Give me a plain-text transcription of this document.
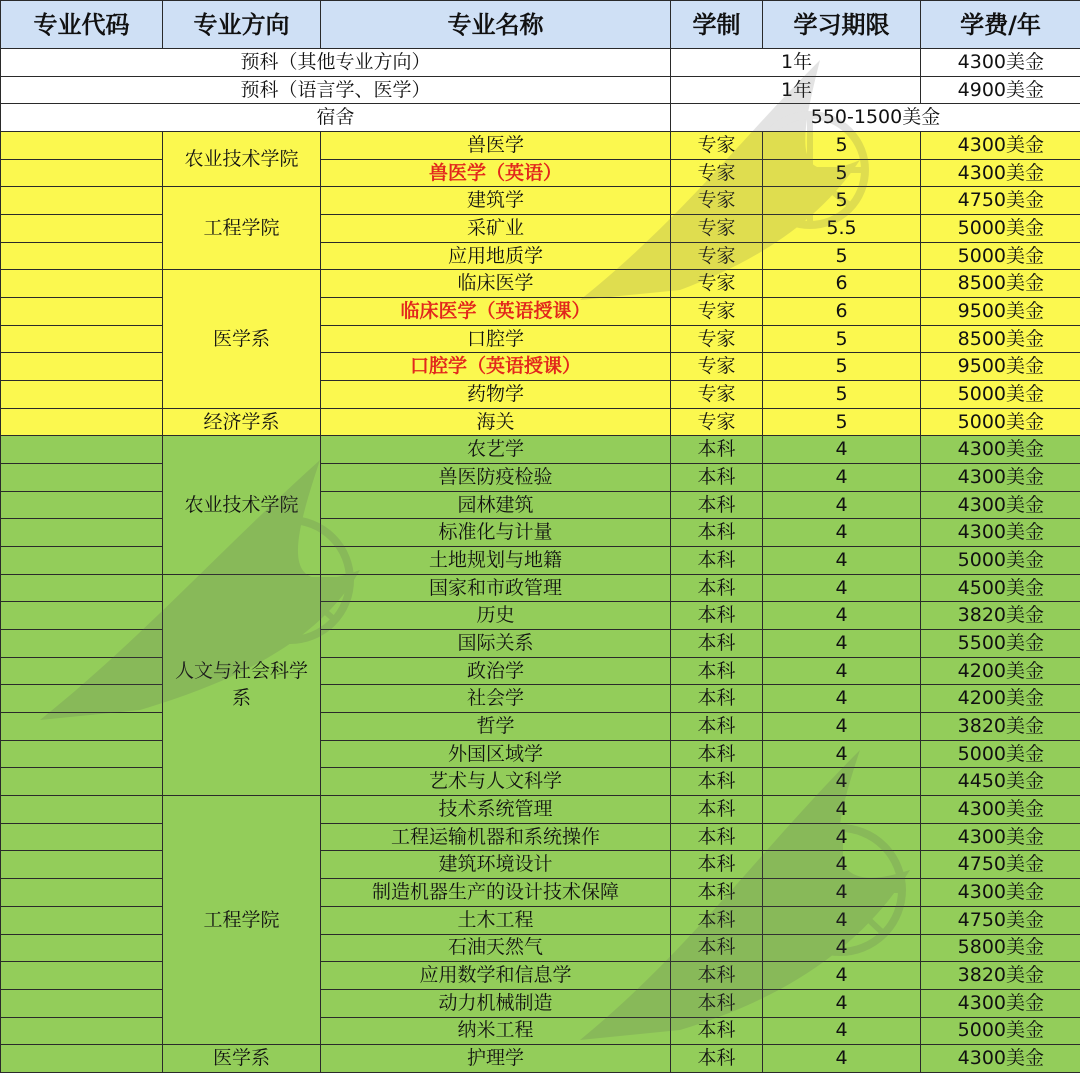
专业代码	专业方向	专业名称	学制	学习期限	学费/年
预科（其他专业方向）			1年		4300美金
预科（语言学、医学）			1年		4900美金
宿舍			550-1500美金		
	农业技术学院	兽医学	专家	5	4300美金
		兽医学（英语）	专家	5	4300美金
	工程学院	建筑学	专家	5	4750美金
		采矿业	专家	5.5	5000美金
		应用地质学	专家	5	5000美金
	医学系	临床医学	专家	6	8500美金
		临床医学（英语授课）	专家	6	9500美金
		口腔学	专家	5	8500美金
		口腔学（英语授课）	专家	5	9500美金
		药物学	专家	5	5000美金
	经济学系	海关	专家	5	5000美金
	农业技术学院	农艺学	本科	4	4300美金
		兽医防疫检验	本科	4	4300美金
		园林建筑	本科	4	4300美金
		标准化与计量	本科	4	4300美金
		土地规划与地籍	本科	4	5000美金
	人文与社会科学系	国家和市政管理	本科	4	4500美金
		历史	本科	4	3820美金
		国际关系	本科	4	5500美金
		政治学	本科	4	4200美金
		社会学	本科	4	4200美金
		哲学	本科	4	3820美金
		外国区域学	本科	4	5000美金
		艺术与人文科学	本科	4	4450美金
	工程学院	技术系统管理	本科	4	4300美金
		工程运输机器和系统操作	本科	4	4300美金
		建筑环境设计	本科	4	4750美金
		制造机器生产的设计技术保障	本科	4	4300美金
		土木工程	本科	4	4750美金
		石油天然气	本科	4	5800美金
		应用数学和信息学	本科	4	3820美金
		动力机械制造	本科	4	4300美金
		纳米工程	本科	4	5000美金
	医学系	护理学	本科	4	4300美金
